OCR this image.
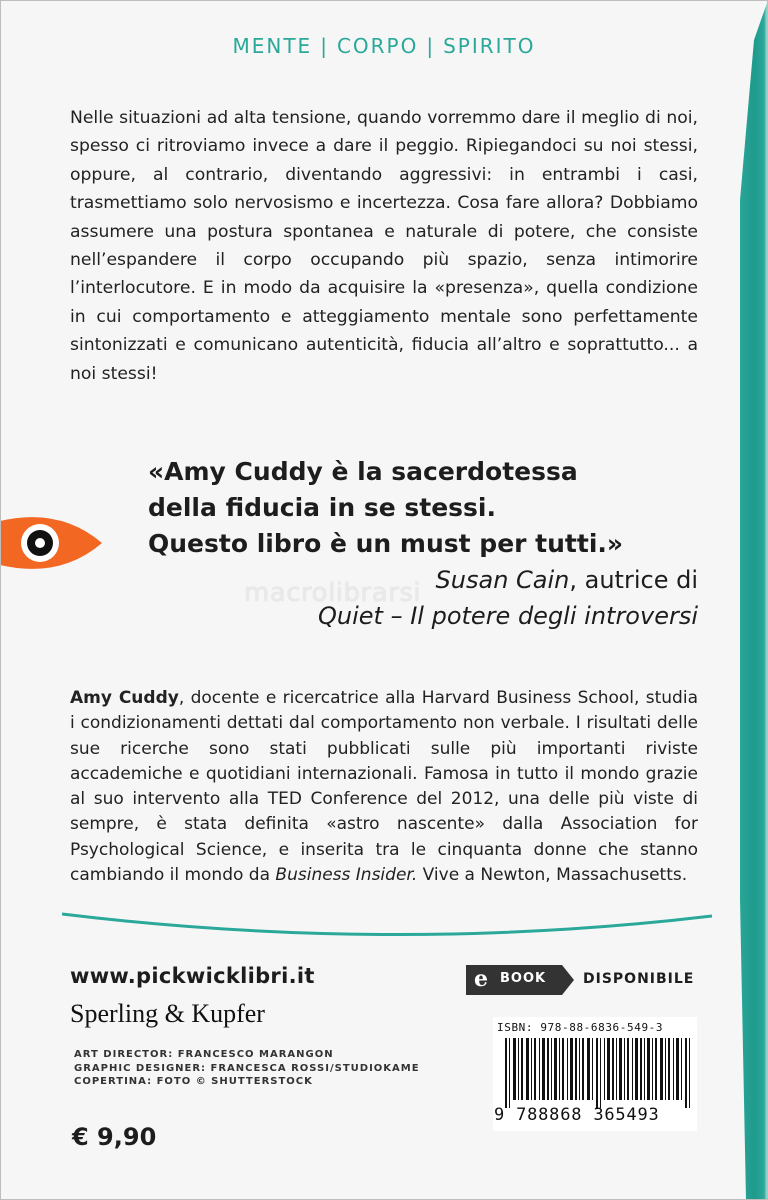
MENTE | CORPO | SPIRITO
Nelle situazioni ad alta tensione, quando vorremmo dare il meglio di noi, spesso ci ritroviamo invece a dare il peggio. Ripiegandoci su noi stessi, oppure, al contrario, diventando aggressivi: in entrambi i casi, trasmettiamo solo nervosismo e incertezza. Cosa fare allora? Dobbiamo assumere una postura spontanea e naturale di potere, che consiste nell’espandere il corpo occupando più spazio, senza intimorire l’interlocutore. E in modo da acquisire la «presenza», quella condizione in cui comportamento e atteggiamento mentale sono perfettamente sintonizzati e comunicano autenticità, fiducia all’altro e soprattutto... a noi stessi!
«Amy Cuddy è la sacerdotessa
della fiducia in se stessi.
Questo libro è un must per tutti.»
macrolibrarsi Susan Cain, autrice di
Quiet – Il potere degli introversi
Amy Cuddy, docente e ricercatrice alla Harvard Business School, studia i condizionamenti dettati dal comportamento non verbale. I risultati delle sue ricerche sono stati pubblicati sulle più importanti riviste accademiche e quotidiani internazionali. Famosa in tutto il mondo grazie al suo intervento alla TED Conference del 2012, una delle più viste di sempre, è stata definita «astro nascente» dalla Association for Psychological Science, e inserita tra le cinquanta donne che stanno cambiando il mondo da Business Insider. Vive a Newton, Massachusetts.
www.pickwicklibri.it
Sperling & Kupfer
ART DIRECTOR: FRANCESCO MARANGON
GRAPHIC DESIGNER: FRANCESCA ROSSI/STUDIOKAME
COPERTINA: FOTO © SHUTTERSTOCK
€ 9,90
e BOOK	DISPONIBILE
ISBN: 978-88-6836-549-3
9 788868 365493
